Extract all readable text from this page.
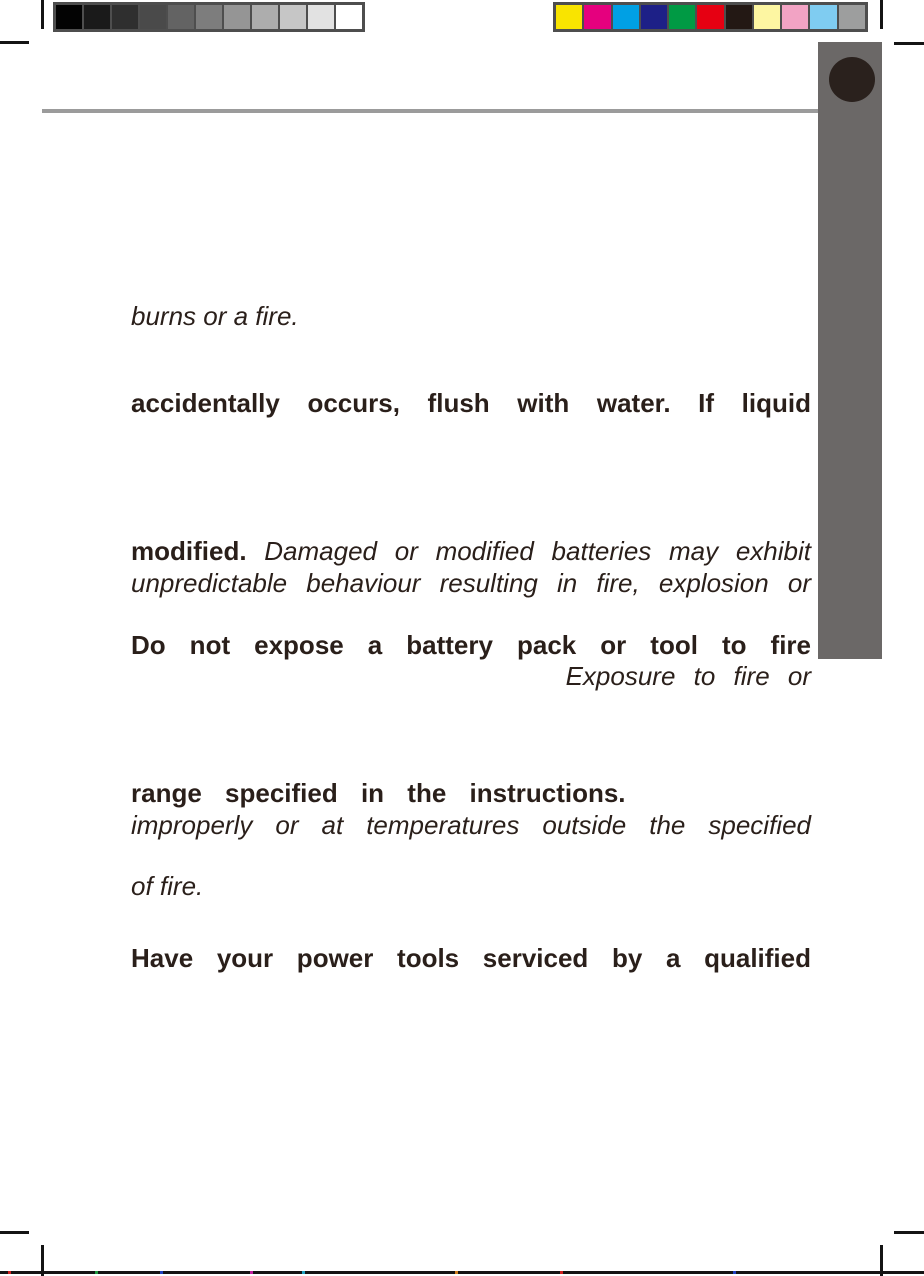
burns or a fire.
accidentally occurs, flush with water. If liquid
modified. Damaged or modified batteries may exhibit
unpredictable behaviour resulting in fire, explosion or
Do not expose a battery pack or tool to fire
Exposure to fire or
range specified in the instructions.
improperly or at temperatures outside the specified
of fire.
Have your power tools serviced by a qualified
